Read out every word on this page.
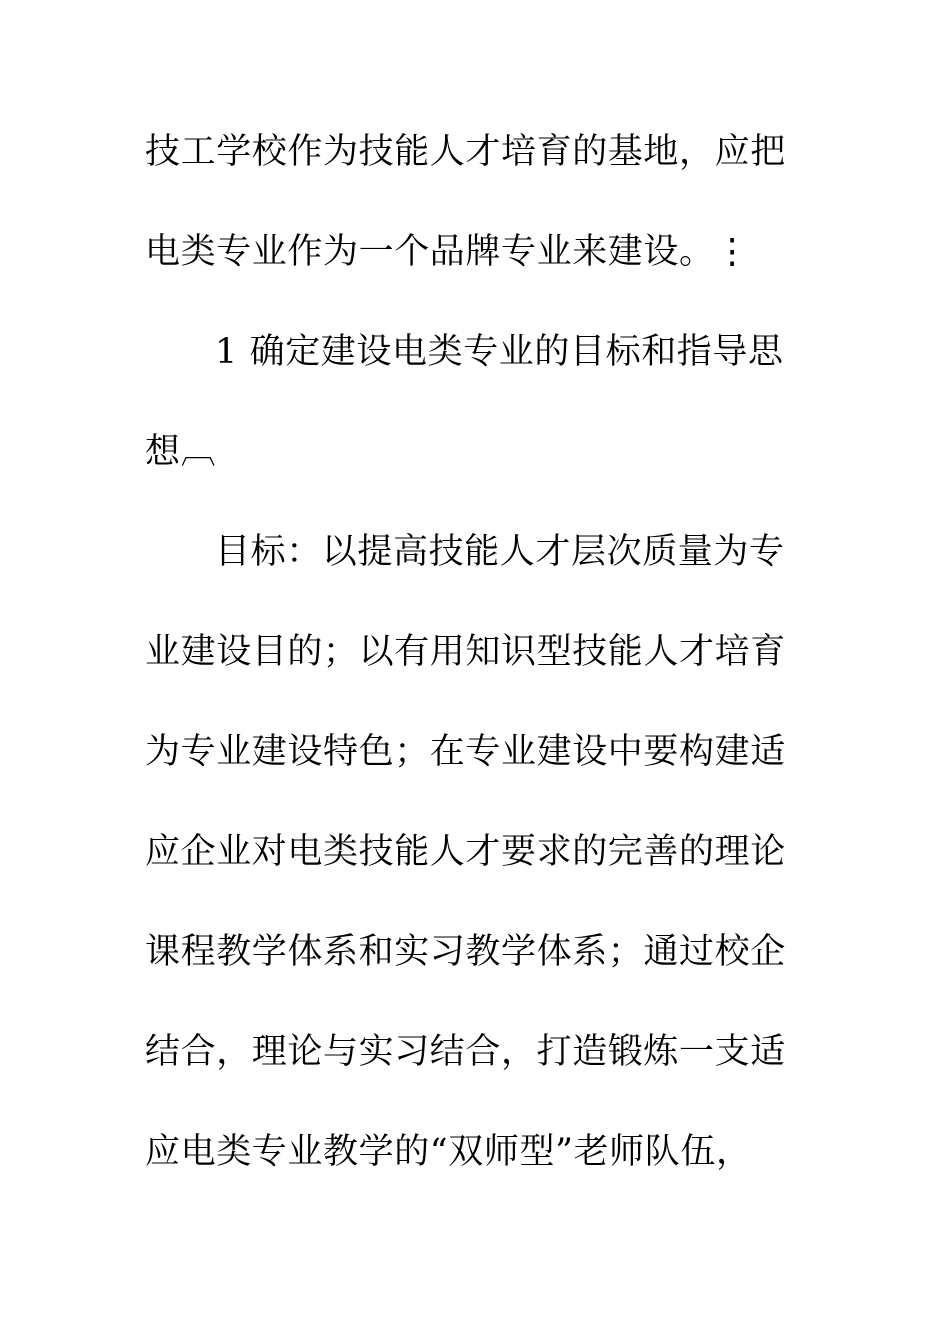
技工学校作为技能人才培育的基地，应把
电类专业作为一个品牌专业来建设。⋮
1 确定建设电类专业的目标和指导思
想︹
目标：以提高技能人才层次质量为专
业建设目的；以有用知识型技能人才培育
为专业建设特色；在专业建设中要构建适
应企业对电类技能人才要求的完善的理论
课程教学体系和实习教学体系；通过校企
结合，理论与实习结合，打造锻炼一支适
应电类专业教学的“双师型”老师队伍，
